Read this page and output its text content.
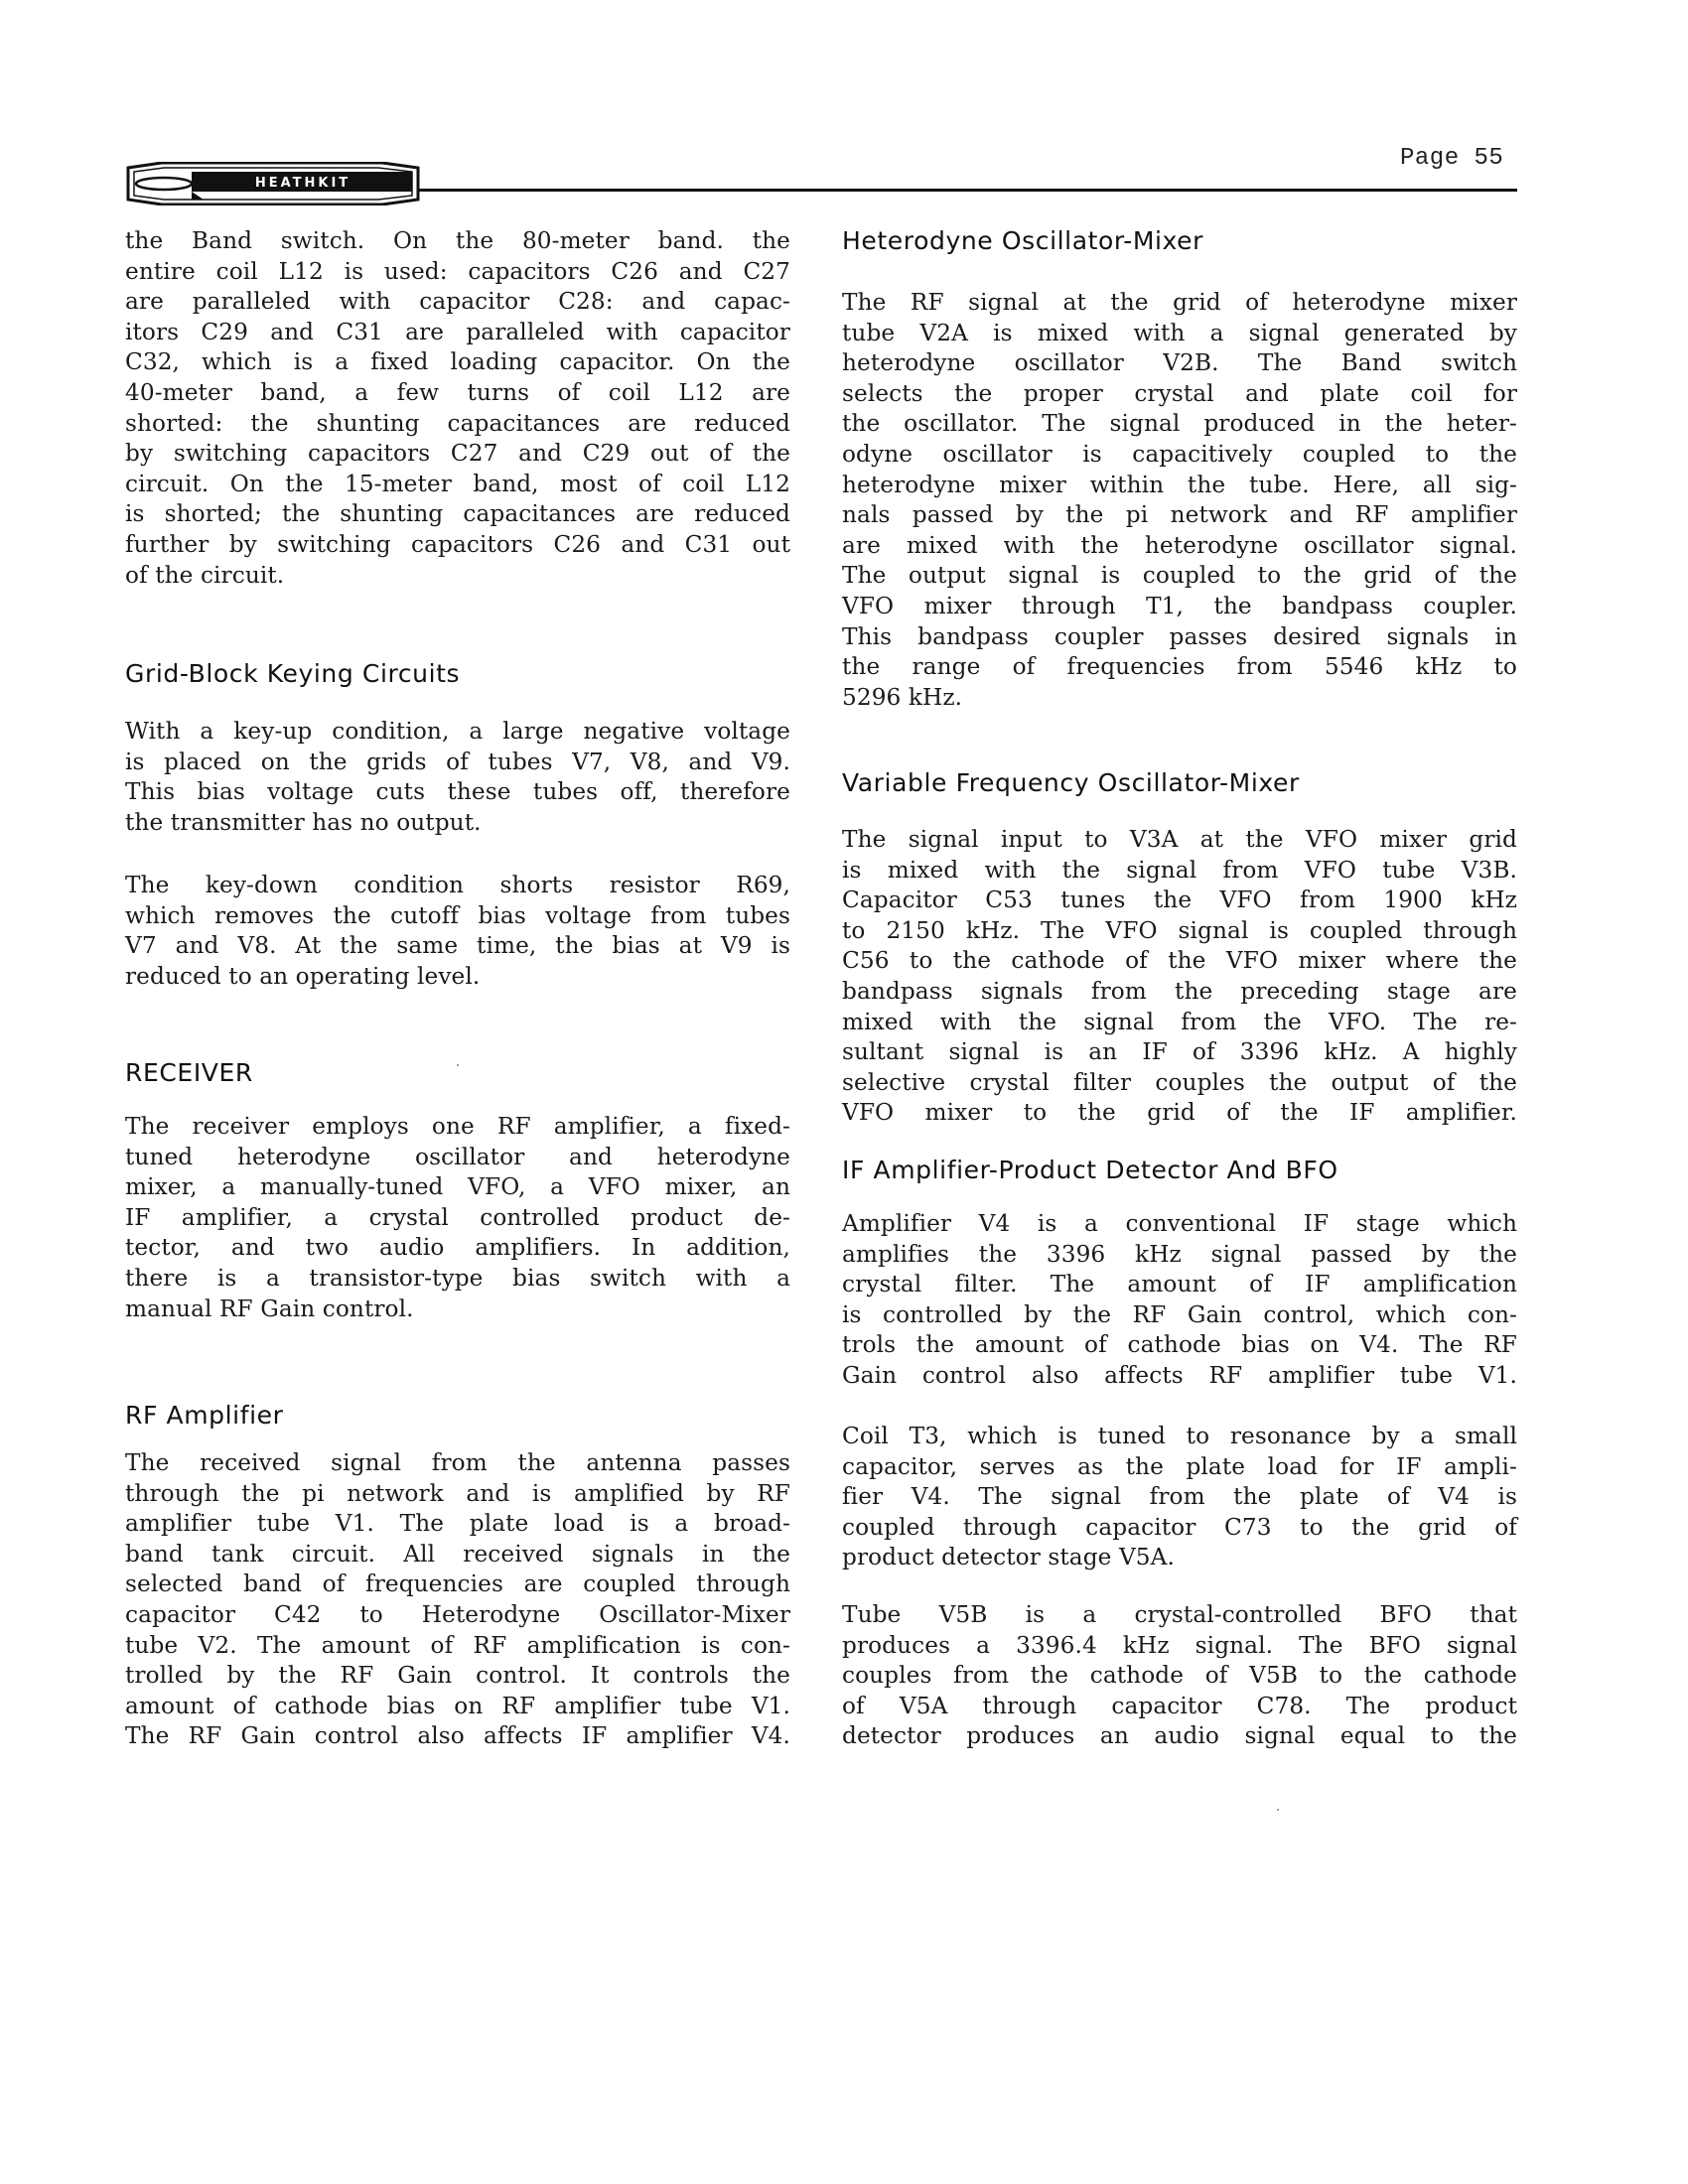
HEATHKIT
Page 55

the Band switch. On the 80-meter band. the
entire coil L12 is used: capacitors C26 and C27
are paralleled with capacitor C28: and capac-
itors C29 and C31 are paralleled with capacitor
C32, which is a fixed loading capacitor. On the
40-meter band, a few turns of coil L12 are
shorted: the shunting capacitances are reduced
by switching capacitors C27 and C29 out of the
circuit. On the 15-meter band, most of coil L12
is shorted; the shunting capacitances are reduced
further by switching capacitors C26 and C31 out
of the circuit.

Grid-Block Keying Circuits

With a key-up condition, a large negative voltage
is placed on the grids of tubes V7, V8, and V9.
This bias voltage cuts these tubes off, therefore
the transmitter has no output.

The key-down condition shorts resistor R69,
which removes the cutoff bias voltage from tubes
V7 and V8. At the same time, the bias at V9 is
reduced to an operating level.

RECEIVER

The receiver employs one RF amplifier, a fixed-
tuned heterodyne oscillator and heterodyne
mixer, a manually-tuned VFO, a VFO mixer, an
IF amplifier, a crystal controlled product de-
tector, and two audio amplifiers. In addition,
there is a transistor-type bias switch with a
manual RF Gain control.

RF Amplifier

The received signal from the antenna passes
through the pi network and is amplified by RF
amplifier tube V1. The plate load is a broad-
band tank circuit. All received signals in the
selected band of frequencies are coupled through
capacitor C42 to Heterodyne Oscillator-Mixer
tube V2. The amount of RF amplification is con-
trolled by the RF Gain control. It controls the
amount of cathode bias on RF amplifier tube V1.
The RF Gain control also affects IF amplifier V4.

Heterodyne Oscillator-Mixer

The RF signal at the grid of heterodyne mixer
tube V2A is mixed with a signal generated by
heterodyne oscillator V2B. The Band switch
selects the proper crystal and plate coil for
the oscillator. The signal produced in the heter-
odyne oscillator is capacitively coupled to the
heterodyne mixer within the tube. Here, all sig-
nals passed by the pi network and RF amplifier
are mixed with the heterodyne oscillator signal.
The output signal is coupled to the grid of the
VFO mixer through T1, the bandpass coupler.
This bandpass coupler passes desired signals in
the range of frequencies from 5546 kHz to
5296 kHz.

Variable Frequency Oscillator-Mixer

The signal input to V3A at the VFO mixer grid
is mixed with the signal from VFO tube V3B.
Capacitor C53 tunes the VFO from 1900 kHz
to 2150 kHz. The VFO signal is coupled through
C56 to the cathode of the VFO mixer where the
bandpass signals from the preceding stage are
mixed with the signal from the VFO. The re-
sultant signal is an IF of 3396 kHz. A highly
selective crystal filter couples the output of the
VFO mixer to the grid of the IF amplifier.

IF Amplifier-Product Detector And BFO

Amplifier V4 is a conventional IF stage which
amplifies the 3396 kHz signal passed by the
crystal filter. The amount of IF amplification
is controlled by the RF Gain control, which con-
trols the amount of cathode bias on V4. The RF
Gain control also affects RF amplifier tube V1.

Coil T3, which is tuned to resonance by a small
capacitor, serves as the plate load for IF ampli-
fier V4. The signal from the plate of V4 is
coupled through capacitor C73 to the grid of
product detector stage V5A.

Tube V5B is a crystal-controlled BFO that
produces a 3396.4 kHz signal. The BFO signal
couples from the cathode of V5B to the cathode
of V5A through capacitor C78. The product
detector produces an audio signal equal to the
